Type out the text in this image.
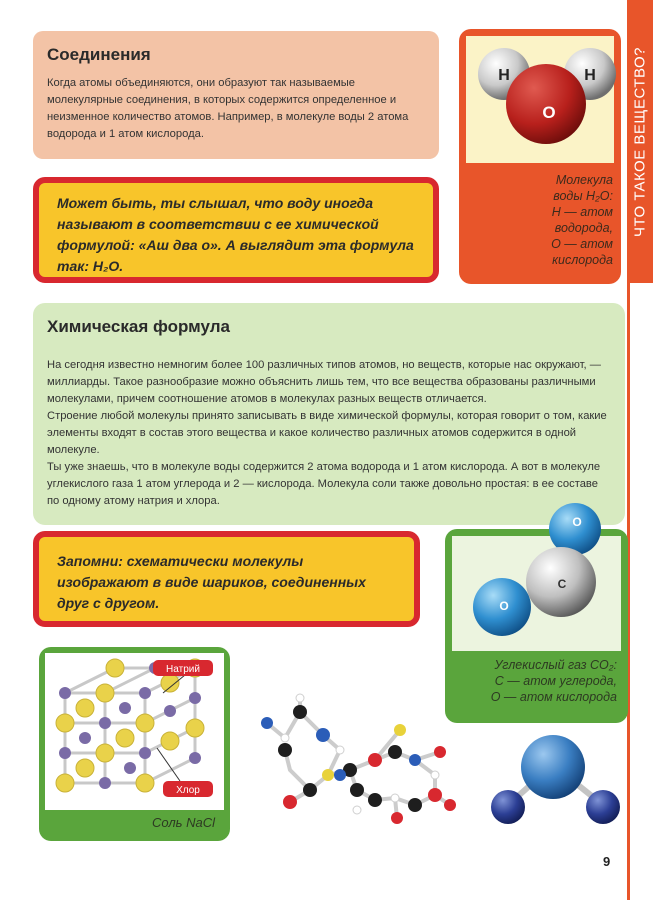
ЧТО ТАКОЕ ВЕЩЕСТВО?
Соединения

Когда атомы объединяются, они образуют так называемые молекулярные соединения, в которых содержится определенное и неизменное количество атомов. Например, в молекуле воды 2 атома водорода и 1 атом кислорода.

Может быть, ты слышал, что воду иногда называют в соответствии с ее химической формулой: «Аш два о». А выглядит эта формула так: H₂O.

H	H
O
Молекула
воды H₂O:
H — атом
водорода,
O — атом
кислорода
Химическая формула

На сегодня известно немногим более 100 различных типов атомов, но веществ, которые нас окружают, — миллиарды. Такое разнообразие можно объяснить лишь тем, что все вещества образованы различными молекулами, причем соотношение атомов в молекулах разных веществ отличается.

Строение любой молекулы принято записывать в виде химической формулы, которая говорит о том, какие элементы входят в состав этого вещества и какое количество различных атомов содержится в одной молекуле.

Ты уже знаешь, что в молекуле воды содержится 2 атома водорода и 1 атом кислорода. А вот в молекуле углекислого газа 1 атом углерода и 2 — кислорода. Молекула соли также довольно простая: в ее составе по одному атому натрия и хлора.

Запомни: схематически молекулы изображают в виде шариков, соединенных друг с другом.

O
C
O
Углекислый газ CO₂:
C — атом углерода,
O — атом кислорода
Натрий
Хлор
Соль NaCl
9
